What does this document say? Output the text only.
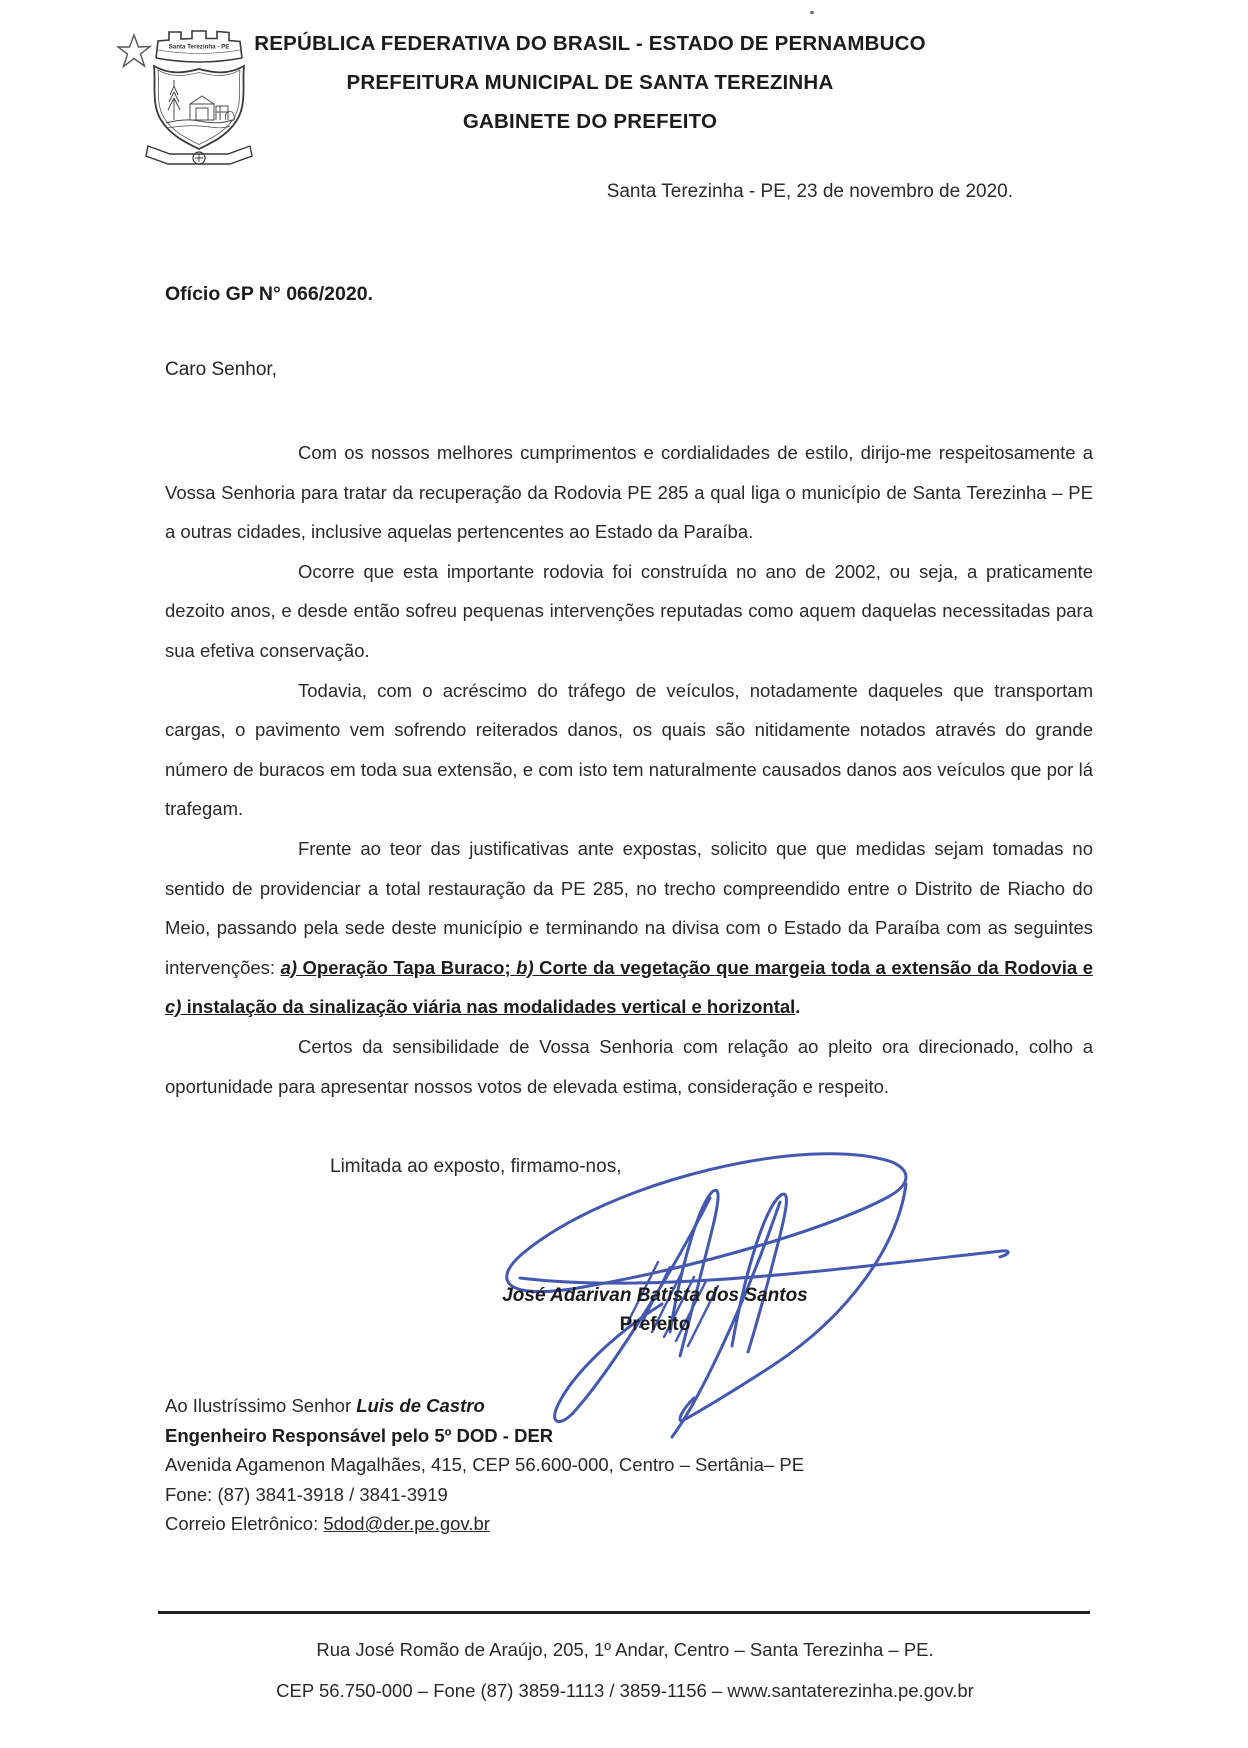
Santa Terezinha - PE	REPÚBLICA FEDERATIVA DO BRASIL - ESTADO DE PERNAMBUCO
PREFEITURA MUNICIPAL DE SANTA TEREZINHA
GABINETE DO PREFEITO
Santa Terezinha - PE, 23 de novembro de 2020.
Ofício GP N° 066/2020.
Caro Senhor,

Com os nossos melhores cumprimentos e cordialidades de estilo, dirijo-me respeitosamente a Vossa Senhoria para tratar da recuperação da Rodovia PE 285 a qual liga o município de Santa Terezinha – PE a outras cidades, inclusive aquelas pertencentes ao Estado da Paraíba.

Ocorre que esta importante rodovia foi construída no ano de 2002, ou seja, a praticamente dezoito anos, e desde então sofreu pequenas intervenções reputadas como aquem daquelas necessitadas para sua efetiva conservação.

Todavia, com o acréscimo do tráfego de veículos, notadamente daqueles que transportam cargas, o pavimento vem sofrendo reiterados danos, os quais são nitidamente notados através do grande número de buracos em toda sua extensão, e com isto tem naturalmente causados danos aos veículos que por lá trafegam.

Frente ao teor das justificativas ante expostas, solicito que que medidas sejam tomadas no sentido de providenciar a total restauração da PE 285, no trecho compreendido entre o Distrito de Riacho do Meio, passando pela sede deste município e terminando na divisa com o Estado da Paraíba com as seguintes intervenções: a) Operação Tapa Buraco; b) Corte da vegetação que margeia toda a extensão da Rodovia e c) instalação da sinalização viária nas modalidades vertical e horizontal.

Certos da sensibilidade de Vossa Senhoria com relação ao pleito ora direcionado, colho a oportunidade para apresentar nossos votos de elevada estima, consideração e respeito.

Limitada ao exposto, firmamo-nos,
José Adarivan Batista dos Santos
Prefeito
Ao Ilustríssimo Senhor Luis de Castro
Engenheiro Responsável pelo 5º DOD - DER
Avenida Agamenon Magalhães, 415, CEP 56.600-000, Centro – Sertânia– PE
Fone: (87) 3841-3918 / 3841-3919
Correio Eletrônico: 5dod@der.pe.gov.br
Rua José Romão de Araújo, 205, 1º Andar, Centro – Santa Terezinha – PE.
CEP 56.750-000 – Fone (87) 3859-1113 / 3859-1156 – www.santaterezinha.pe.gov.br
